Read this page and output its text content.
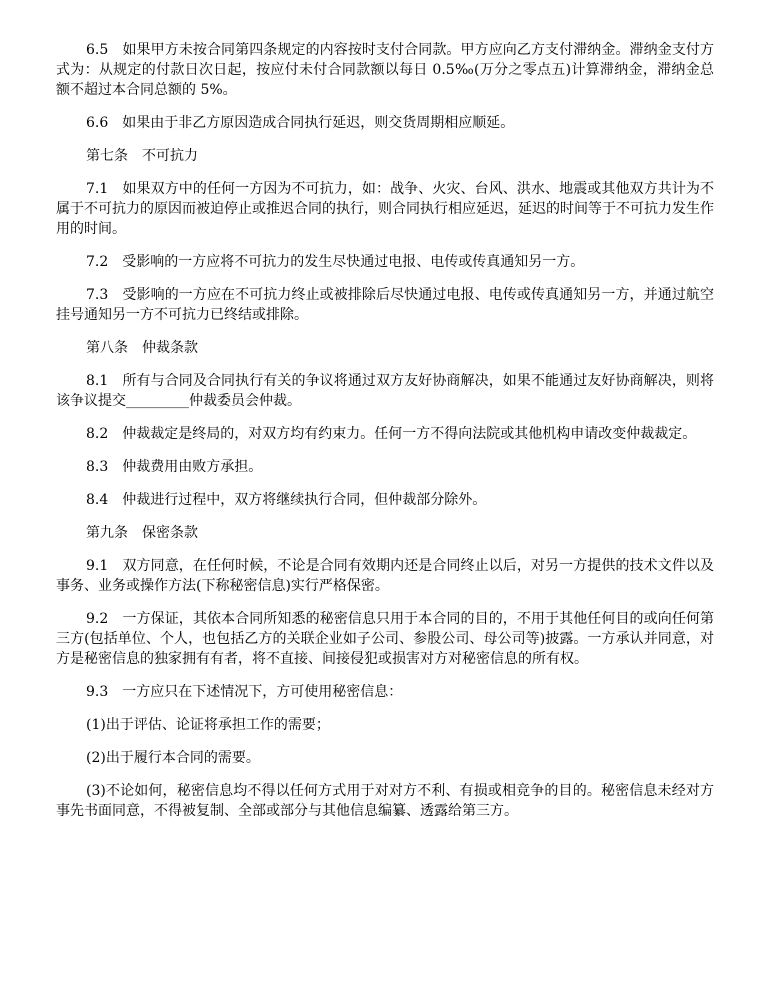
6.5　如果甲方未按合同第四条规定的内容按时支付合同款。甲方应向乙方支付滞纳金。滞纳金支付方式为：从规定的付款日次日起，按应付未付合同款额以每日 0.5‰(万分之零点五)计算滞纳金，滞纳金总额不超过本合同总额的 5%。

6.6　如果由于非乙方原因造成合同执行延迟，则交货周期相应顺延。

第七条　不可抗力

7.1　如果双方中的任何一方因为不可抗力，如：战争、火灾、台风、洪水、地震或其他双方共计为不属于不可抗力的原因而被迫停止或推迟合同的执行，则合同执行相应延迟，延迟的时间等于不可抗力发生作用的时间。

7.2　受影响的一方应将不可抗力的发生尽快通过电报、电传或传真通知另一方。

7.3　受影响的一方应在不可抗力终止或被排除后尽快通过电报、电传或传真通知另一方，并通过航空挂号通知另一方不可抗力已终结或排除。

第八条　仲裁条款

8.1　所有与合同及合同执行有关的争议将通过双方友好协商解决，如果不能通过友好协商解决，则将该争议提交_________仲裁委员会仲裁。

8.2　仲裁裁定是终局的，对双方均有约束力。任何一方不得向法院或其他机构申请改变仲裁裁定。

8.3　仲裁费用由败方承担。

8.4　仲裁进行过程中，双方将继续执行合同，但仲裁部分除外。

第九条　保密条款

9.1　双方同意，在任何时候，不论是合同有效期内还是合同终止以后，对另一方提供的技术文件以及事务、业务或操作方法(下称秘密信息)实行严格保密。

9.2　一方保证，其依本合同所知悉的秘密信息只用于本合同的目的，不用于其他任何目的或向任何第三方(包括单位、个人，也包括乙方的关联企业如子公司、参股公司、母公司等)披露。一方承认并同意，对方是秘密信息的独家拥有有者，将不直接、间接侵犯或损害对方对秘密信息的所有权。

9.3　一方应只在下述情况下，方可使用秘密信息：

(1)出于评估、论证将承担工作的需要；

(2)出于履行本合同的需要。

(3)不论如何，秘密信息均不得以任何方式用于对对方不利、有损或相竞争的目的。秘密信息未经对方事先书面同意，不得被复制、全部或部分与其他信息编纂、透露给第三方。
